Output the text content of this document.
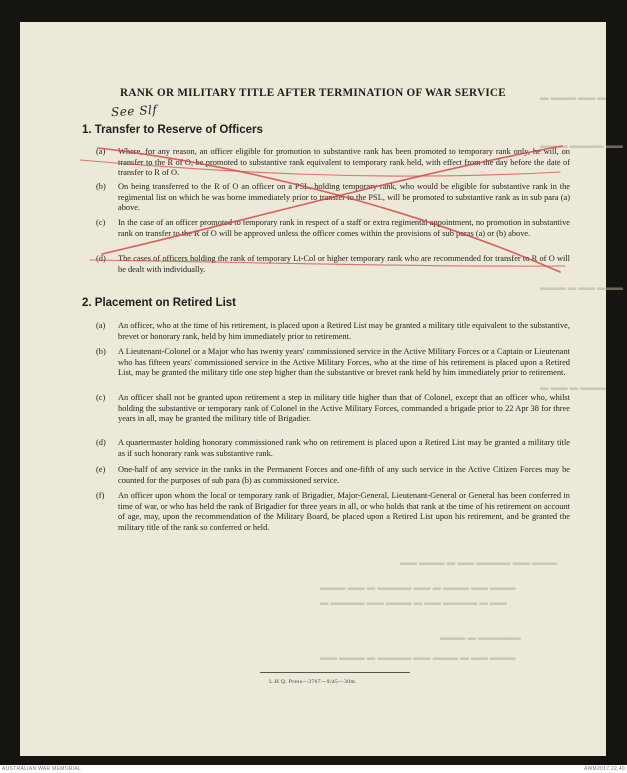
▬ ▬▬▬ ▬▬ ▬
▬▬ ▬ ▬▬▬▬ ▬▬
▬▬▬ ▬ ▬▬ ▬▬▬
▬ ▬▬ ▬ ▬▬▬
▬▬ ▬▬▬ ▬ ▬▬ ▬▬▬▬ ▬▬ ▬▬▬
▬▬▬ ▬▬ ▬ ▬▬▬▬ ▬▬ ▬ ▬▬▬ ▬▬ ▬▬▬
▬ ▬▬▬▬ ▬▬ ▬▬▬ ▬ ▬▬ ▬▬▬▬ ▬ ▬▬
▬▬▬ ▬ ▬▬▬▬▬
▬▬ ▬▬▬ ▬ ▬▬▬▬ ▬▬ ▬▬▬ ▬ ▬▬ ▬▬▬
RANK OR MILITARY TITLE AFTER TERMINATION OF WAR SERVICE
See Slf
1. Transfer to Reserve of Officers
(a) Where, for any reason, an officer eligible for promotion to substantive rank has been promoted to temporary rank only, he will, on transfer to the R of O, be promoted to substantive rank equivalent to temporary rank held, with effect from the day before the date of transfer to R of O.
(b) On being transferred to the R of O an officer on a PSL, holding temporary rank, who would be eligible for substantive rank in the regimental list on which he was borne immediately prior to transfer to the PSL, will be promoted to substantive rank as in sub para (a) above.
(c) In the case of an officer promoted to temporary rank in respect of a staff or extra regimental appointment, no promotion in substantive rank on transfer to the R of O will be approved unless the officer comes within the provisions of sub paras (a) or (b) above.
(d) The cases of officers holding the rank of temporary Lt-Col or higher temporary rank who are recommended for transfer to R of O will be dealt with individually.
2. Placement on Retired List
(a) An officer, who at the time of his retirement, is placed upon a Retired List may be granted a military title equivalent to the substantive, brevet or honorary rank, held by him immediately prior to retirement.
(b) A Lieutenant-Colonel or a Major who has twenty years' commissioned service in the Active Military Forces or a Captain or Lieutenant who has fifteen years' commissioned service in the Active Military Forces, who at the time of his retirement is placed upon a Retired List, may be granted the military title one step higher than the substantive or brevet rank held by him immediately prior to retirement.
(c) An officer shall not be granted upon retirement a step in military title higher than that of Colonel, except that an officer who, whilst holding the substantive or temporary rank of Colonel in the Active Military Forces, commanded a brigade prior to 22 Apr 38 for three years in all, may be granted the military title of Brigadier.
(d) A quartermaster holding honorary commissioned rank who on retirement is placed upon a Retired List may be granted a military title as if such honorary rank was substantive rank.
(e) One-half of any service in the ranks in the Permanent Forces and one-fifth of any such service in the Active Citizen Forces may be counted for the purposes of sub para (b) as commissioned service.
(f) An officer upon whom the local or temporary rank of Brigadier, Major-General, Lieutenant-General or General has been conferred in time of war, or who has held the rank of Brigadier for three years in all, or who holds that rank at the time of his retirement on account of age, may, upon the recommendation of the Military Board, be placed upon a Retired List upon his retirement, and be granted the military title of the rank so conferred or held.
L.H.Q. Press—3767—9/45—30m.
AUSTRALIAN WAR MEMORIAL	AWM2017.22.40
